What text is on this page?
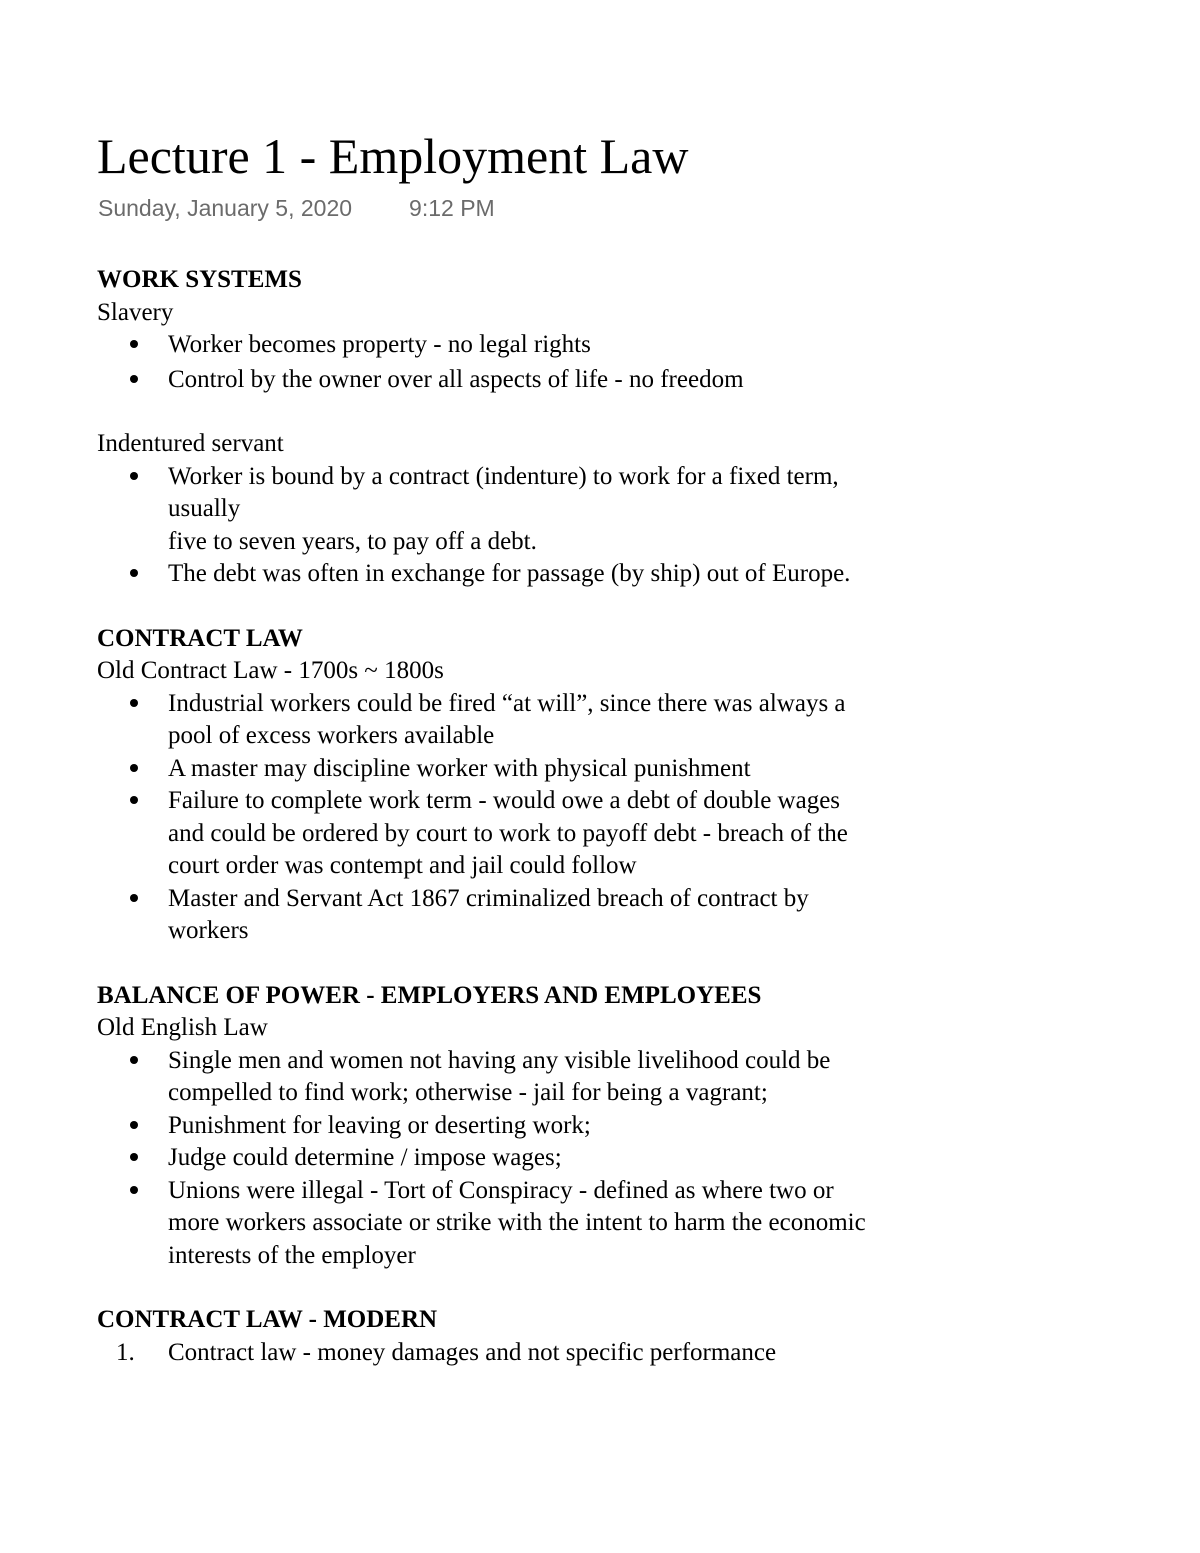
Lecture 1 - Employment Law
Sunday, January 5, 2020 9:12 PM

WORK SYSTEMS

Slavery

Worker becomes property - no legal rights
Control by the owner over all aspects of life - no freedom

Indentured servant

Worker is bound by a contract (indenture) to work for a fixed term, usually
five to seven years, to pay off a debt.
The debt was often in exchange for passage (by ship) out of Europe.

CONTRACT LAW

Old Contract Law - 1700s ~ 1800s

Industrial workers could be fired “at will”, since there was always a pool of excess workers available
A master may discipline worker with physical punishment
Failure to complete work term - would owe a debt of double wages and could be ordered by court to work to payoff debt - breach of the court order was contempt and jail could follow
Master and Servant Act 1867 criminalized breach of contract by workers

BALANCE OF POWER - EMPLOYERS AND EMPLOYEES

Old English Law

Single men and women not having any visible livelihood could be
compelled to find work; otherwise - jail for being a vagrant;
Punishment for leaving or deserting work;
Judge could determine / impose wages;
Unions were illegal - Tort of Conspiracy - defined as where two or more workers associate or strike with the intent to harm the economic interests of the employer

CONTRACT LAW - MODERN

1. Contract law - money damages and not specific performance
